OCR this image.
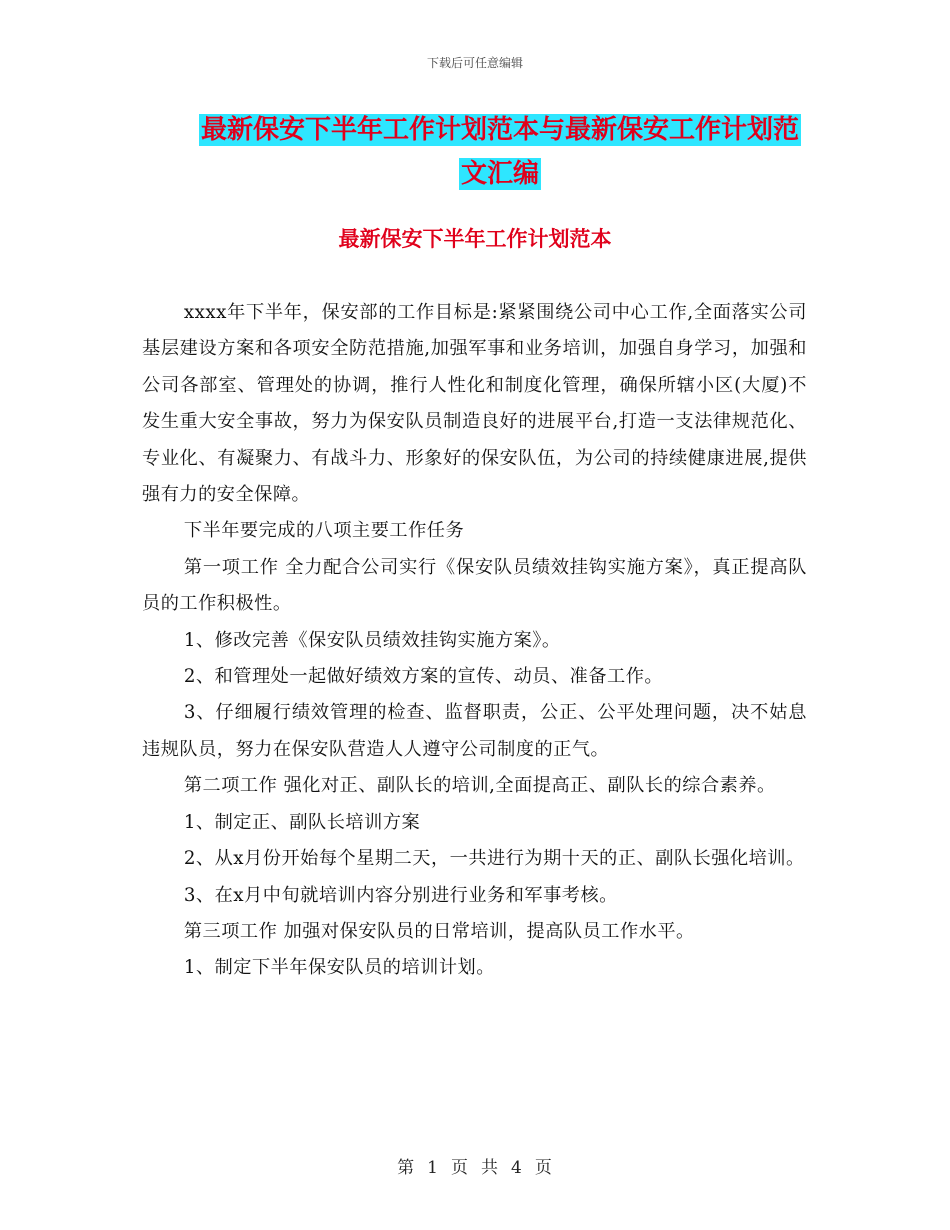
下载后可任意编辑
最新保安下半年工作计划范本与最新保安工作计划范
文汇编
最新保安下半年工作计划范本

xxxx年下半年，保安部的工作目标是:紧紧围绕公司中心工作,全面落实公司基层建设方案和各项安全防范措施,加强军事和业务培训，加强自身学习，加强和公司各部室、管理处的协调，推行人性化和制度化管理，确保所辖小区(大厦)不发生重大安全事故，努力为保安队员制造良好的进展平台,打造一支法律规范化、专业化、有凝聚力、有战斗力、形象好的保安队伍，为公司的持续健康进展,提供强有力的安全保障。

下半年要完成的八项主要工作任务

第一项工作 全力配合公司实行《保安队员绩效挂钩实施方案》，真正提高队员的工作积极性。

1、修改完善《保安队员绩效挂钩实施方案》。

2、和管理处一起做好绩效方案的宣传、动员、准备工作。

3、仔细履行绩效管理的检查、监督职责，公正、公平处理问题，决不姑息违规队员，努力在保安队营造人人遵守公司制度的正气。

第二项工作 强化对正、副队长的培训,全面提高正、副队长的综合素养。

1、制定正、副队长培训方案

2、从x月份开始每个星期二天，一共进行为期十天的正、副队长强化培训。

3、在x月中旬就培训内容分别进行业务和军事考核。

第三项工作 加强对保安队员的日常培训，提高队员工作水平。

1、制定下半年保安队员的培训计划。

第 1 页 共 4 页
